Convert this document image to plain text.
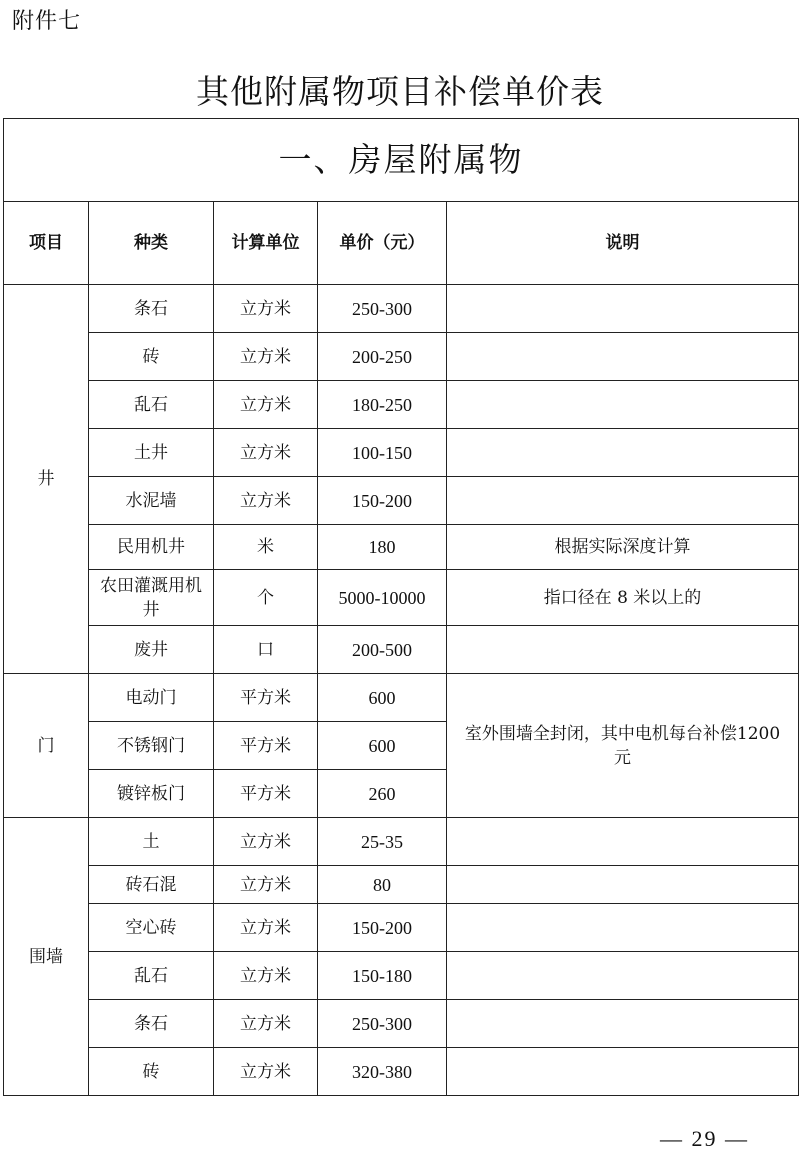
附件七
其他附属物项目补偿单价表
一、房屋附属物				
项目	种类	计算单位	单价（元）	说明
井	条石	立方米	250-300	
	砖	立方米	200-250	
	乱石	立方米	180-250	
	土井	立方米	100-150	
	水泥墙	立方米	150-200	
	民用机井	米	180	根据实际深度计算
	农田灌溉用机井	个	5000-10000	指口径在 8 米以上的
	废井	口	200-500	
门	电动门	平方米	600	室外围墙全封闭，其中电机每台补偿1200 元
	不锈钢门	平方米	600	
	镀锌板门	平方米	260	
围墙	土	立方米	25-35	
	砖石混	立方米	80	
	空心砖	立方米	150-200	
	乱石	立方米	150-180	
	条石	立方米	250-300	
	砖	立方米	320-380	
— 29 —
